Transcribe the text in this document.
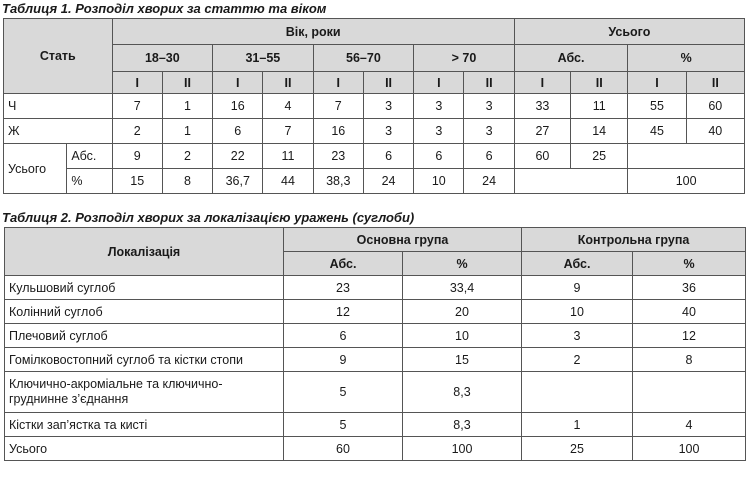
Таблиця 1. Розподіл хворих за статтю та віком
Стать		Вік, роки								Усього			
		18–30		31–55		56–70		> 70		Абс.		%	
		I	II	I	II	I	II	I	II	I	II	I	II
Ч		7	1	16	4	7	3	3	3	33	11	55	60
Ж		2	1	6	7	16	3	3	3	27	14	45	40
Усього	Абс.	9	2	22	11	23	6	6	6	60	25		
	%	15	8	36,7	44	38,3	24	10	24			100	
Таблиця 2. Розподіл хворих за локалізацією уражень (суглоби)
Локалізація	Основна група		Контрольна група	
	Абс.	%	Абс.	%
Кульшовий суглоб	23	33,4	9	36
Колінний суглоб	12	20	10	40
Плечовий суглоб	6	10	3	12
Гомілковостопний суглоб та кістки стопи	9	15	2	8
Ключично-акроміальне та ключично-
груднинне з’єднання	5	8,3		
Кістки зап’ястка та кисті	5	8,3	1	4
Усього	60	100	25	100
